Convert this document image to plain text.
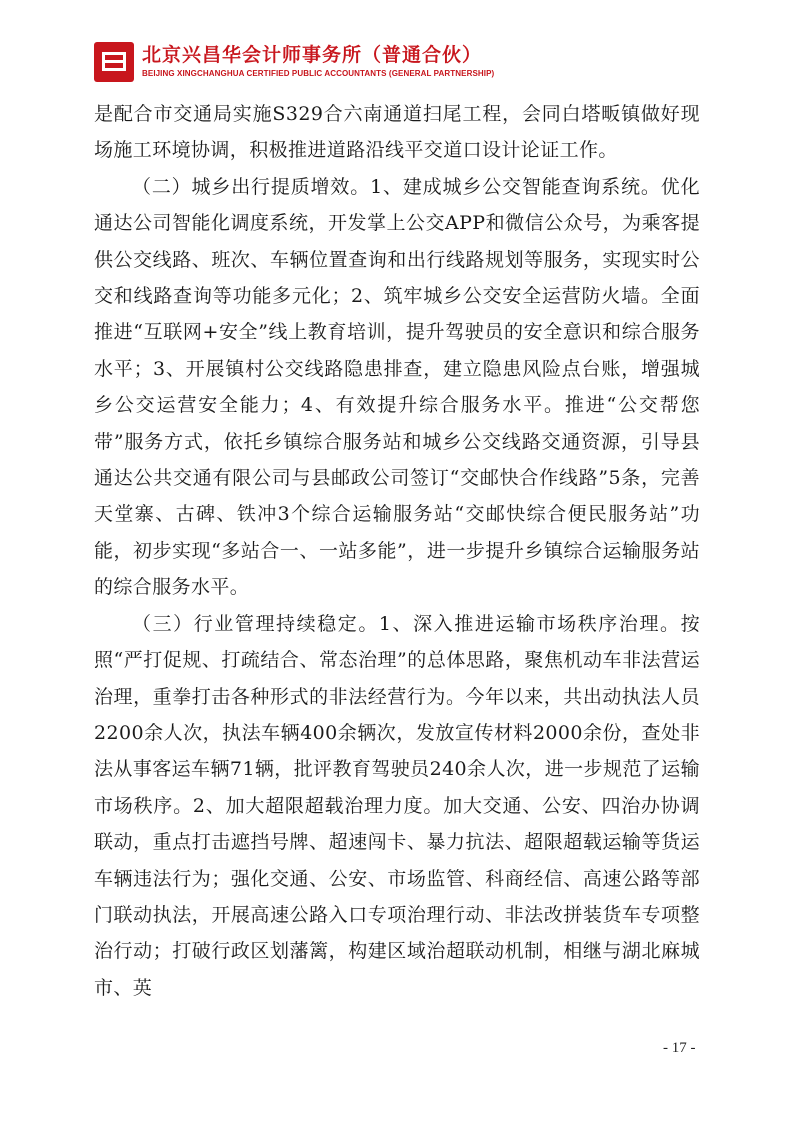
北京兴昌华会计师事务所（普通合伙）
BEIJING XINGCHANGHUA CERTIFIED PUBLIC ACCOUNTANTS (GENERAL PARTNERSHIP)

是配合市交通局实施S329合六南通道扫尾工程，会同白塔畈镇做好现场施工环境协调，积极推进道路沿线平交道口设计论证工作。

（二）城乡出行提质增效。1、建成城乡公交智能查询系统。优化通达公司智能化调度系统，开发掌上公交APP和微信公众号，为乘客提供公交线路、班次、车辆位置查询和出行线路规划等服务，实现实时公交和线路查询等功能多元化；2、筑牢城乡公交安全运营防火墙。全面推进“互联网+安全”线上教育培训，提升驾驶员的安全意识和综合服务水平；3、开展镇村公交线路隐患排查，建立隐患风险点台账，增强城乡公交运营安全能力；4、有效提升综合服务水平。推进“公交帮您带”服务方式，依托乡镇综合服务站和城乡公交线路交通资源，引导县通达公共交通有限公司与县邮政公司签订“交邮快合作线路”5条，完善天堂寨、古碑、铁冲3个综合运输服务站“交邮快综合便民服务站”功能，初步实现“多站合一、一站多能”，进一步提升乡镇综合运输服务站的综合服务水平。

（三）行业管理持续稳定。1、深入推进运输市场秩序治理。按照“严打促规、打疏结合、常态治理”的总体思路，聚焦机动车非法营运治理，重拳打击各种形式的非法经营行为。今年以来，共出动执法人员2200余人次，执法车辆400余辆次，发放宣传材料2000余份，查处非法从事客运车辆71辆，批评教育驾驶员240余人次，进一步规范了运输市场秩序。2、加大超限超载治理力度。加大交通、公安、四治办协调联动，重点打击遮挡号牌、超速闯卡、暴力抗法、超限超载运输等货运车辆违法行为；强化交通、公安、市场监管、科商经信、高速公路等部门联动执法，开展高速公路入口专项治理行动、非法改拼装货车专项整治行动；打破行政区划藩篱，构建区域治超联动机制，相继与湖北麻城市、英

- 17 -
